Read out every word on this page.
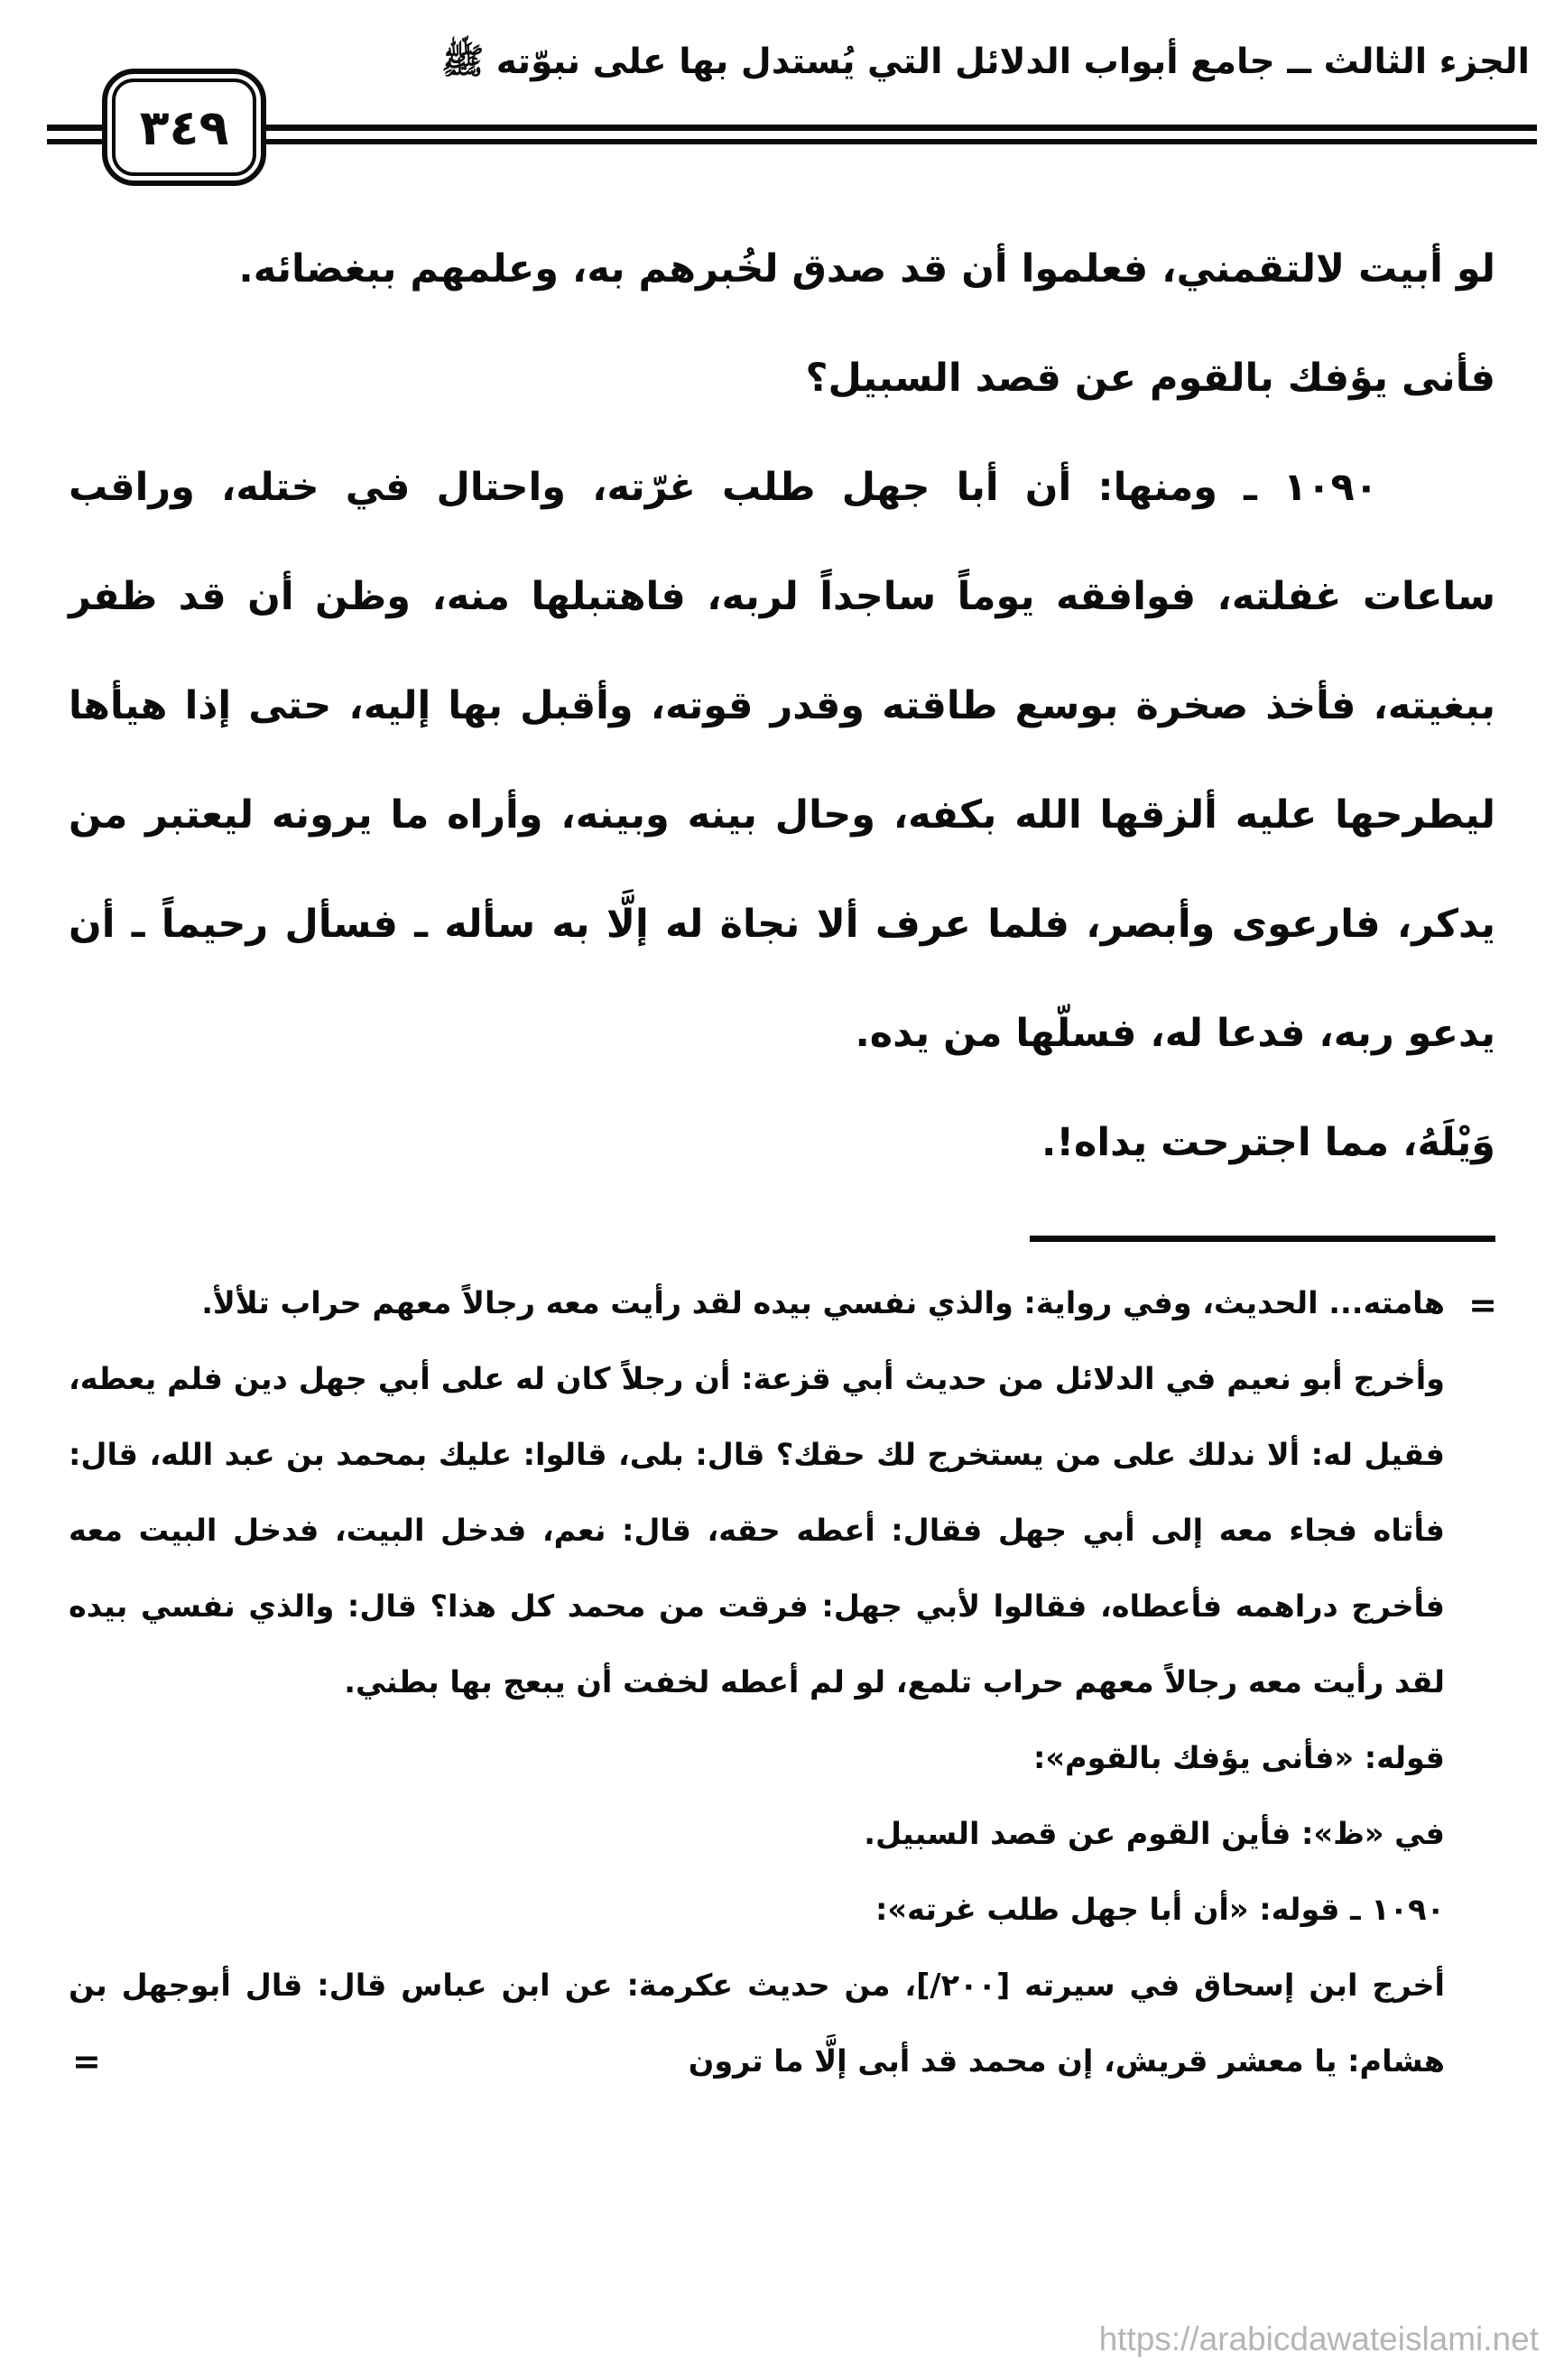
الجزء الثالث ــ جامع أبواب الدلائل التي يُستدل بها على نبوّته ﷺ
٣٤٩

لو أبيت لالتقمني، فعلموا أن قد صدق لخُبرهم به، وعلمهم ببغضائه.

فأنى يؤفك بالقوم عن قصد السبيل؟

١٠٩٠ ـ ومنها: أن أبا جهل طلب غرّته، واحتال في ختله، وراقب ساعات غفلته، فوافقه يوماً ساجداً لربه، فاهتبلها منه، وظن أن قد ظفر ببغيته، فأخذ صخرة بوسع طاقته وقدر قوته، وأقبل بها إليه، حتى إذا هيأها ليطرحها عليه ألزقها الله بكفه، وحال بينه وبينه، وأراه ما يرونه ليعتبر من يدكر، فارعوى وأبصر، فلما عرف ألا نجاة له إلَّا به سأله ـ فسأل رحيماً ـ أن يدعو ربه، فدعا له، فسلّها من يده.

وَيْلَهُ، مما اجترحت يداه!.

=

هامته... الحديث، وفي رواية: والذي نفسي بيده لقد رأيت معه رجالاً معهم حراب تلألأ.

وأخرج أبو نعيم في الدلائل من حديث أبي قزعة: أن رجلاً كان له على أبي جهل دين فلم يعطه، فقيل له: ألا ندلك على من يستخرج لك حقك؟ قال: بلى، قالوا: عليك بمحمد بن عبد الله، قال: فأتاه فجاء معه إلى أبي جهل فقال: أعطه حقه، قال: نعم، فدخل البيت، فدخل البيت معه فأخرج دراهمه فأعطاه، فقالوا لأبي جهل: فرقت من محمد كل هذا؟ قال: والذي نفسي بيده لقد رأيت معه رجالاً معهم حراب تلمع، لو لم أعطه لخفت أن يبعج بها بطني.

قوله: «فأنى يؤفك بالقوم»:

في «ظ»: فأين القوم عن قصد السبيل.

١٠٩٠ ـ قوله: «أن أبا جهل طلب غرته»:

أخرج ابن إسحاق في سيرته [٢٠٠/]، من حديث عكرمة: عن ابن عباس قال: قال أبوجهل بن هشام: يا معشر قريش، إن محمد قد أبى إلَّا ما ترون

=
https://arabicdawateislami.net
